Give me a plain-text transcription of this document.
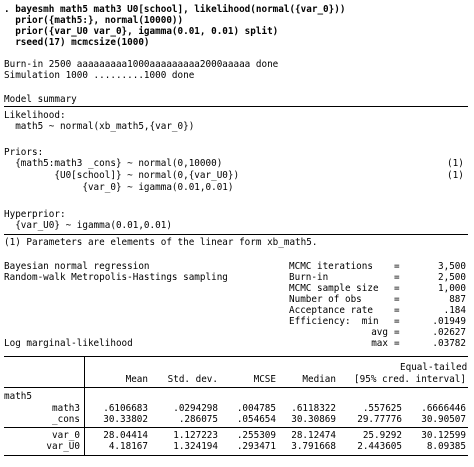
. bayesmh math5 math3 U0[school], likelihood(normal({var_0}))
prior({math5:}, normal(10000))
prior({var_U0 var_0}, igamma(0.01, 0.01) split)
rseed(17) mcmcsize(1000)
Burn-in 2500 aaaaaaaaa1000aaaaaaaaa2000aaaaa done
Simulation 1000 .........1000 done
Model summary
Likelihood:
math5 ~ normal(xb_math5,{var_0})
Priors:
{math5:math3 _cons} ~ normal(0,10000)	(1)
{U0[school]} ~ normal(0,{var_U0})	(1)
{var_0} ~ igamma(0.01,0.01)
Hyperprior:
{var_U0} ~ igamma(0.01,0.01)
(1) Parameters are elements of the linear form xb_math5.
Bayesian normal regression
Random-walk Metropolis-Hastings sampling
Log marginal-likelihood
MCMC iterations =	3,500
Burn-in	=	2,500
MCMC sample size =	1,000
Number of obs	=	887
Acceptance rate =	.184
Efficiency:  min =	.01949
avg =	.02627
max =	.03782
Equal-tailed
Mean	Std. dev.	MCSE	Median	[95% cred. interval]
math5
math3	.6106683	.0294298	.004785	.6118322	.557625	.6666446
_cons	30.33802	.286075	.054654	30.30869	29.77776	30.90507
var_0	28.04414	1.127223	.255309	28.12474	25.9292	30.12599
var_U0	4.18167	1.324194	.293471	3.791668	2.443605	8.09385
